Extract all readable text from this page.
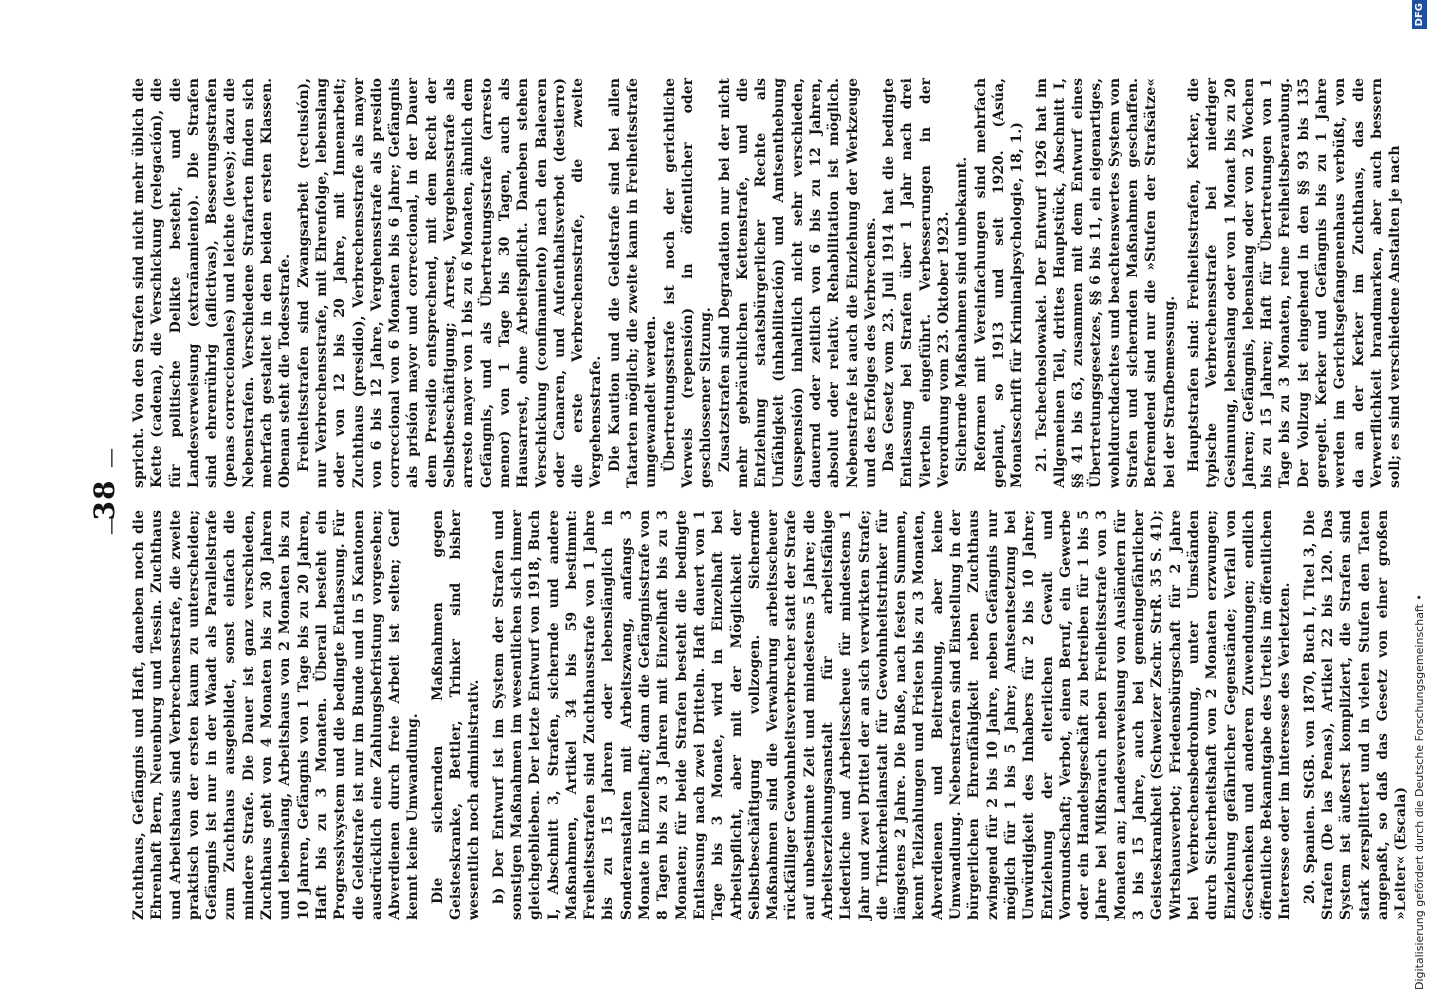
—
38
—

Zuchthaus, Gefängnis und Haft, daneben noch die Ehrenhaft Bern, Neuenburg und Tessin. Zuchthaus und Arbeitshaus sind Verbrechensstrafe, die zweite praktisch von der ersten kaum zu unterscheiden; Gefängnis ist nur in der Waadt als Parallelstrafe zum Zuchthaus ausgebildet, sonst einfach die mindere Strafe. Die Dauer ist ganz verschieden, Zuchthaus geht von 4 Monaten bis zu 30 Jahren und lebenslang, Arbeitshaus von 2 Monaten bis zu 10 Jahren, Gefängnis von 1 Tage bis zu 20 Jahren, Haft bis zu 3 Monaten. Überall besteht ein Progressivsystem und die bedingte Entlassung. Für die Geldstrafe ist nur im Bunde und in 5 Kantonen ausdrücklich eine Zahlungsbefristung vorgesehen; Abverdienen durch freie Arbeit ist selten; Genf kennt keine Umwandlung. Die sichernden Maßnahmen gegen Geisteskranke, Bettler, Trinker sind bisher wesentlich noch administrativ. b) Der Entwurf ist im System der Strafen und sonstigen Maßnahmen im wesentlichen sich immer gleichgeblieben. Der letzte Entwurf von 1918, Buch I, Abschnitt 3, Strafen, sichernde und andere Maßnahmen, Artikel 34 bis 59 bestimmt: Freiheitsstrafen sind Zuchthausstrafe von 1 Jahre bis zu 15 Jahren oder lebenslänglich in Sonderanstalten mit Arbeitszwang, anfangs 3 Monate in Einzelhaft; dann die Gefängnisstrafe von 8 Tagen bis zu 3 Jahren mit Einzelhaft bis zu 3 Monaten; für beide Strafen besteht die bedingte Entlassung nach zwei Dritteln. Haft dauert von 1 Tage bis 3 Monate, wird in Einzelhaft bei Arbeitspflicht, aber mit der Möglichkeit der Selbstbeschäftigung vollzogen. Sichernde Maßnahmen sind die Verwahrung arbeitsscheuer rückfälliger Gewohnheitsverbrecher statt der Strafe auf unbestimmte Zeit und mindestens 5 Jahre; die Arbeitserziehungsanstalt für arbeitsfähige Liederliche und Arbeitsscheue für mindestens 1 Jahr und zwei Drittel der an sich verwirkten Strafe; die Trinkerheilanstalt für Gewohnheitstrinker für längstens 2 Jahre. Die Buße, nach festen Summen, kennt Teilzahlungen und Fristen bis zu 3 Monaten, Abverdienen und Beitreibung, aber keine Umwandlung. Nebenstrafen sind Einstellung in der bürgerlichen Ehrenfähigkeit neben Zuchthaus zwingend für 2 bis 10 Jahre, neben Gefängnis nur möglich für 1 bis 5 Jahre; Amtsentsetzung bei Unwürdigkeit des Inhabers für 2 bis 10 Jahre; Entziehung der elterlichen Gewalt und Vormundschaft; Verbot, einen Beruf, ein Gewerbe oder ein Handelsgeschäft zu betreiben für 1 bis 5 Jahre bei Mißbrauch neben Freiheitsstrafe von 3 Monaten an; Landesverweisung von Ausländern für 3 bis 15 Jahre, auch bei gemeingefährlicher Geisteskrankheit (Schweizer Zschr. StrR. 35 S. 41); Wirtshausverbot; Friedensbürgschaft für 2 Jahre bei Verbrechensbedrohung, unter Umständen durch Sicherheitshaft von 2 Monaten erzwungen; Einziehung gefährlicher Gegenstände; Verfall von Geschenken und anderen Zuwendungen; endlich öffentliche Bekanntgabe des Urteils im öffentlichen Interesse oder im Interesse des Verletzten. 20. Spanien. StGB. von 1870, Buch I, Titel 3, Die Strafen (De las Penas), Artikel 22 bis 120. Das System ist äußerst kompliziert, die Strafen sind stark zersplittert und in vielen Stufen den Taten angepaßt, so daß das Gesetz von einer großen »Leiter« (Escala)

spricht. Von den Strafen sind nicht mehr üblich die Kette (cadena), die Verschickung (relegación), die für politische Delikte besteht, und die Landesverweisung (extrañamiento). Die Strafen sind ehrenrührig (aflictivas), Besserungsstrafen (penas correccionales) und leichte (leves); dazu die Nebenstrafen. Verschiedene Strafarten finden sich mehrfach gestaltet in den beiden ersten Klassen. Obenan steht die Todesstrafe. Freiheitsstrafen sind Zwangsarbeit (reclusión), nur Verbrechensstrafe, mit Ehrenfolge, lebenslang oder von 12 bis 20 Jahre, mit Innenarbeit; Zuchthaus (presidio), Verbrechensstrafe als mayor von 6 bis 12 Jahre, Vergehensstrafe als presidio correccional von 6 Monaten bis 6 Jahre; Gefängnis als prisión mayor und correccional, in der Dauer dem Presidio entsprechend, mit dem Recht der Selbstbeschäftigung; Arrest, Vergehensstrafe als arresto mayor von 1 bis zu 6 Monaten, ähnlich dem Gefängnis, und als Übertretungsstrafe (arresto menor) von 1 Tage bis 30 Tagen, auch als Hausarrest, ohne Arbeitspflicht. Daneben stehen Verschickung (confinamiento) nach den Balearen oder Canaren, und Aufenthaltsverbot (destierro) die erste Verbrechensstrafe, die zweite Vergehensstrafe. Die Kaution und die Geldstrafe sind bei allen Tatarten möglich; die zweite kann in Freiheitsstrafe umgewandelt werden. Übertretungsstrafe ist noch der gerichtliche Verweis (repensión) in öffentlicher oder geschlossener Sitzung. Zusatzstrafen sind Degradation nur bei der nicht mehr gebräuchlichen Kettenstrafe, und die Entziehung staatsbürgerlicher Rechte als Unfähigkeit (inhabilitación) und Amtsenthebung (suspensión) inhaltlich nicht sehr verschieden, dauernd oder zeitlich von 6 bis zu 12 Jahren, absolut oder relativ. Rehabilitation ist möglich. Nebenstrafe ist auch die Einziehung der Werkzeuge und des Erfolges des Verbrechens. Das Gesetz vom 23. Juli 1914 hat die bedingte Entlassung bei Strafen über 1 Jahr nach drei Vierteln eingeführt. Verbesserungen in der Verordnung vom 23. Oktober 1923. Sichernde Maßnahmen sind unbekannt. Reformen mit Vereinfachungen sind mehrfach geplant, so 1913 und seit 1920. (Asúa, Monatsschrift für Kriminalpsychologie, 18, 1.) 21. Tschechoslowakei. Der Entwurf 1926 hat im Allgemeinen Teil, drittes Hauptstück, Abschnitt I, §§ 41 bis 63, zusammen mit dem Entwurf eines Übertretungsgesetzes, §§ 6 bis 11, ein eigenartiges, wohldurchdachtes und beachtenswertes System von Strafen und sichernden Maßnahmen geschaffen. Befremdend sind nur die »Stufen der Strafsätze« bei der Strafbemessung. Hauptstrafen sind: Freiheitsstrafen, Kerker, die typische Verbrechensstrafe bei niedriger Gesinnung, lebenslang oder von 1 Monat bis zu 20 Jahren; Gefängnis, lebenslang oder von 2 Wochen bis zu 15 Jahren; Haft für Übertretungen von 1 Tage bis zu 3 Monaten, reine Freiheitsberaubung. Der Vollzug ist eingehend in den §§ 93 bis 135 geregelt. Kerker und Gefängnis bis zu 1 Jahre werden im Gerichtsgefangenenhaus verbüßt, von da an der Kerker im Zuchthaus, das die Verwerflichkeit brandmarken, aber auch bessern soll; es sind verschiedene Anstalten je nach

Digitalisierung gefördert durch die Deutsche Forschungsgemeinschaft •
DFG
